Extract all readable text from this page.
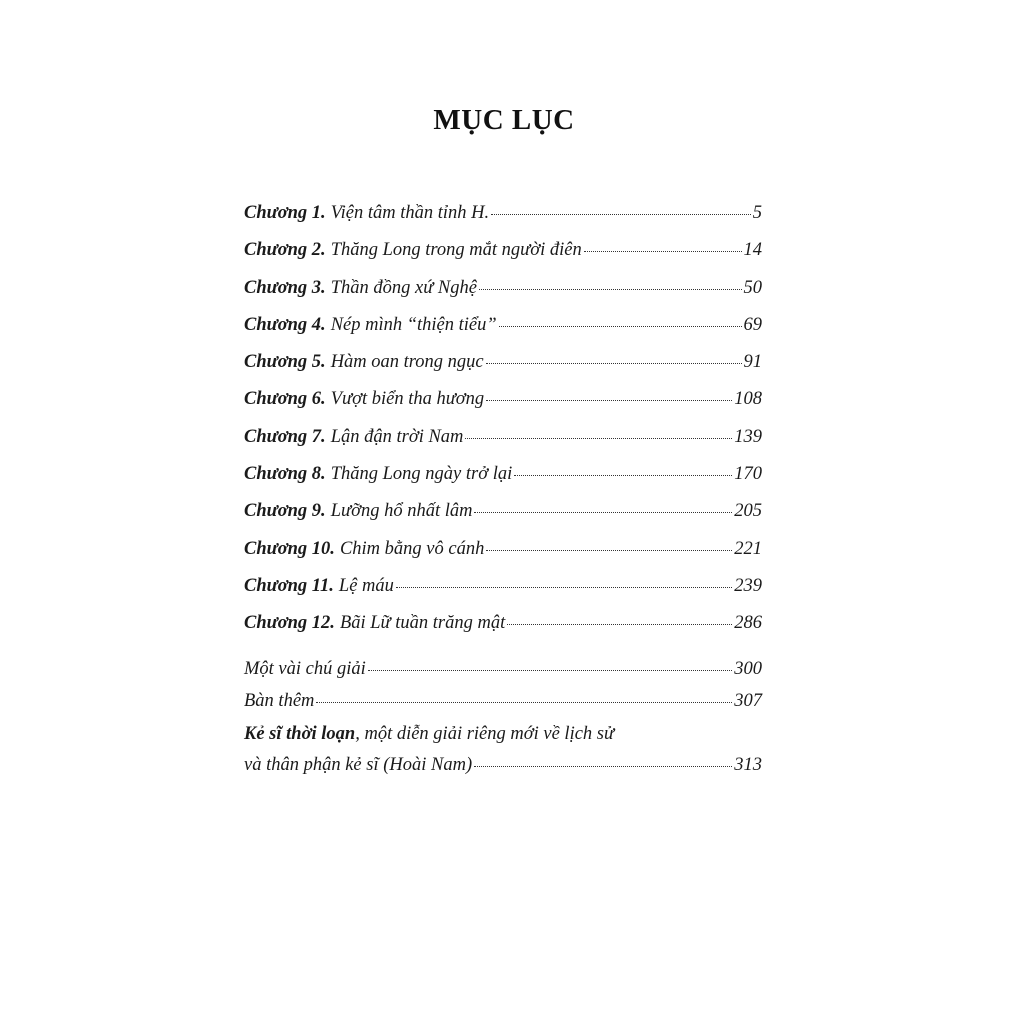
MỤC LỤC
Chương 1. Viện tâm thần tỉnh H.	5
Chương 2. Thăng Long trong mắt người điên	14
Chương 3. Thần đồng xứ Nghệ	50
Chương 4. Nép mình “thiện tiểu”	69
Chương 5. Hàm oan trong ngục	91
Chương 6. Vượt biển tha hương	108
Chương 7. Lận đận trời Nam	139
Chương 8. Thăng Long ngày trở lại	170
Chương 9. Lưỡng hổ nhất lâm	205
Chương 10. Chim bằng vô cánh	221
Chương 11. Lệ máu	239
Chương 12. Bãi Lữ tuần trăng mật	286
Một vài chú giải	300
Bàn thêm	307
Kẻ sĩ thời loạn, một diễn giải riêng mới về lịch sử
và thân phận kẻ sĩ (Hoài Nam)	313
